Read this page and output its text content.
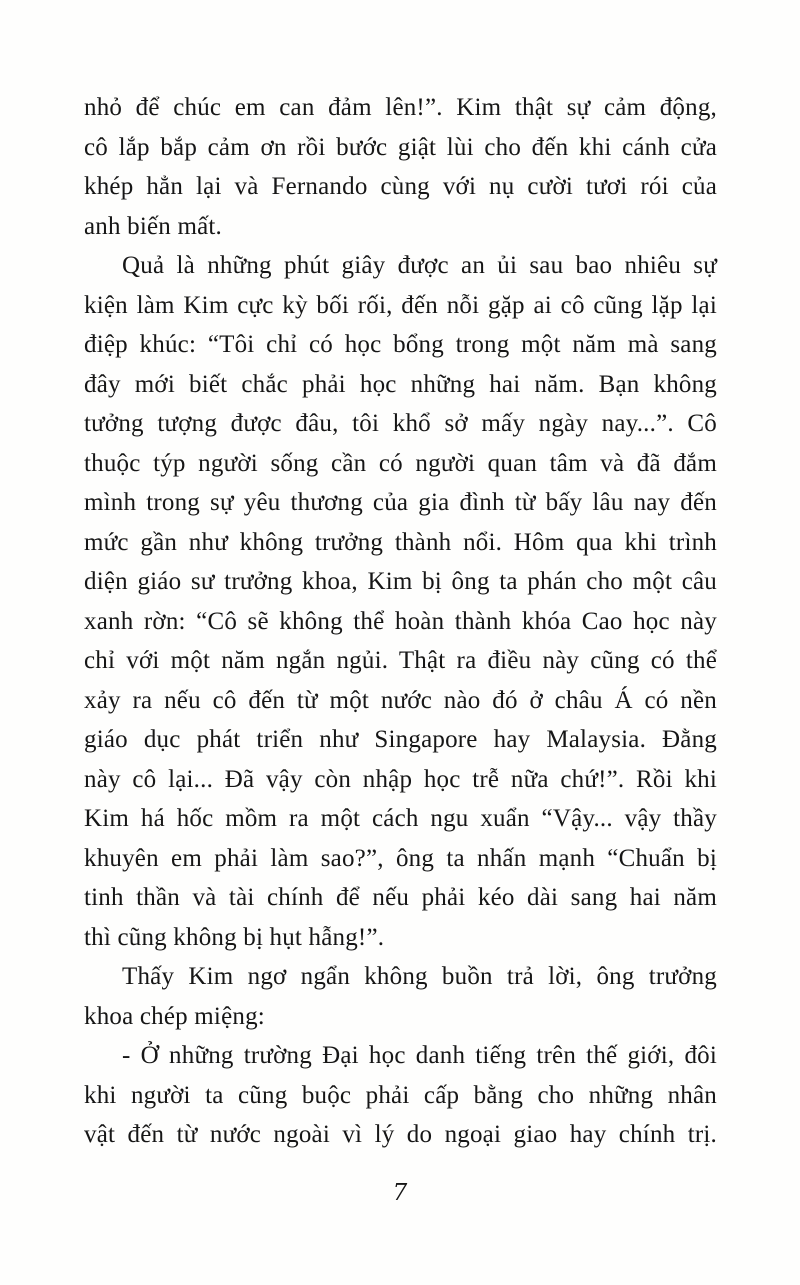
nhỏ để chúc em can đảm lên!”. Kim thật sự cảm động,
cô lắp bắp cảm ơn rồi bước giật lùi cho đến khi cánh cửa
khép hẳn lại và Fernando cùng với nụ cười tươi rói của
anh biến mất.
Quả là những phút giây được an ủi sau bao nhiêu sự
kiện làm Kim cực kỳ bối rối, đến nỗi gặp ai cô cũng lặp lại
điệp khúc: “Tôi chỉ có học bổng trong một năm mà sang
đây mới biết chắc phải học những hai năm. Bạn không
tưởng tượng được đâu, tôi khổ sở mấy ngày nay...”. Cô
thuộc týp người sống cần có người quan tâm và đã đắm
mình trong sự yêu thương của gia đình từ bấy lâu nay đến
mức gần như không trưởng thành nổi. Hôm qua khi trình
diện giáo sư trưởng khoa, Kim bị ông ta phán cho một câu
xanh rờn: “Cô sẽ không thể hoàn thành khóa Cao học này
chỉ với một năm ngắn ngủi. Thật ra điều này cũng có thể
xảy ra nếu cô đến từ một nước nào đó ở châu Á có nền
giáo dục phát triển như Singapore hay Malaysia. Đằng
này cô lại... Đã vậy còn nhập học trễ nữa chứ!”. Rồi khi
Kim há hốc mồm ra một cách ngu xuẩn “Vậy... vậy thầy
khuyên em phải làm sao?”, ông ta nhấn mạnh “Chuẩn bị
tinh thần và tài chính để nếu phải kéo dài sang hai năm
thì cũng không bị hụt hẫng!”.
Thấy Kim ngơ ngẩn không buồn trả lời, ông trưởng
khoa chép miệng:
- Ở những trường Đại học danh tiếng trên thế giới, đôi
khi người ta cũng buộc phải cấp bằng cho những nhân
vật đến từ nước ngoài vì lý do ngoại giao hay chính trị.
7
